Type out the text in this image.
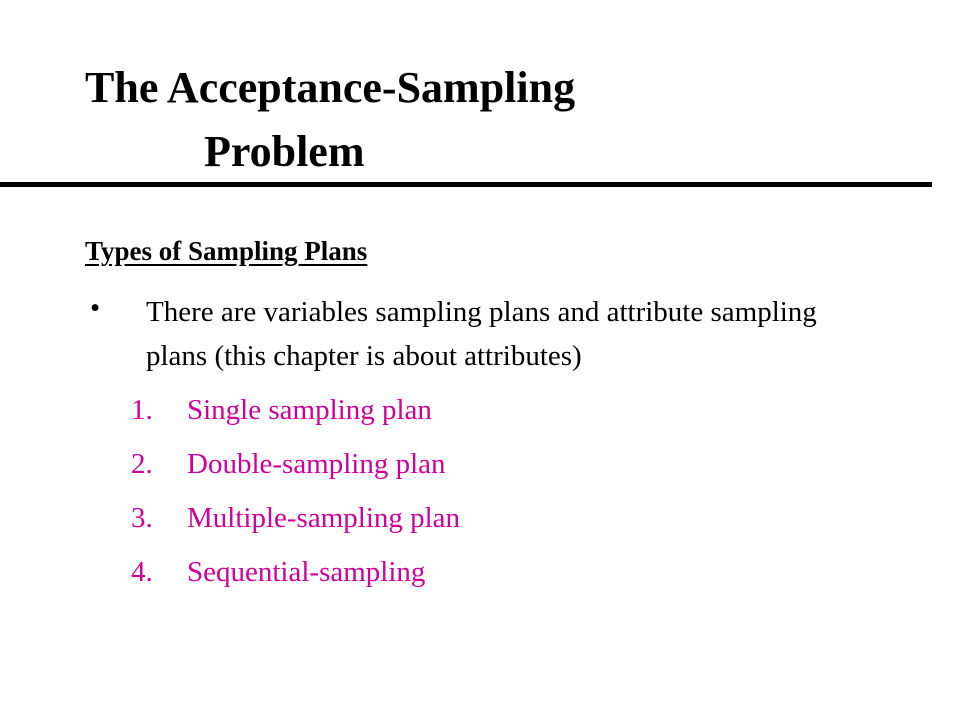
The Acceptance-Sampling
Problem
Types of Sampling Plans
• There are variables sampling plans and attribute sampling plans (this chapter is about attributes)
1. Single sampling plan
2. Double-sampling plan
3. Multiple-sampling plan
4. Sequential-sampling
